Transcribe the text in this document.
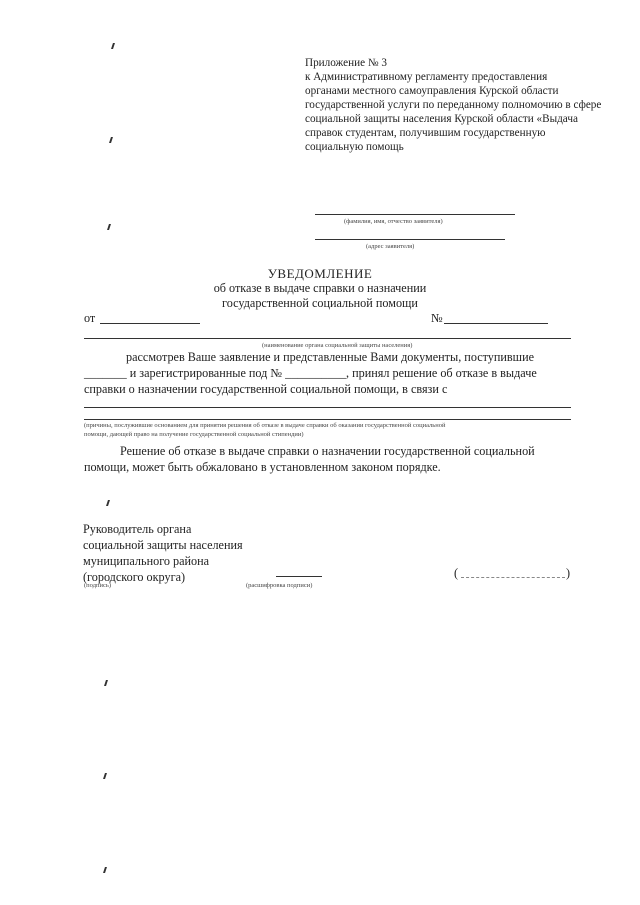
Приложение № 3
к Административному регламенту предоставления
органами местного самоуправления Курской области
государственной услуги по переданному полномочию в сфере
социальной защиты населения Курской области «Выдача
справок студентам, получившим государственную
социальную помощь
(фамилия, имя, отчество заявителя)
(адрес заявителя)
УВЕДОМЛЕНИЕ
об отказе в выдаче справки о назначении
государственной социальной помощи
от	№
(наименование органа социальной защиты населения)
рассмотрев Ваше заявление и представленные Вами документы, поступившие
_______ и зарегистрированные под № __________, принял решение об отказе в выдаче
справки о назначении государственной социальной помощи, в связи с
(причины, послужившие основанием для принятия решения об отказе в выдаче справки об оказании государственной социальной
помощи, дающей право на получение государственной социальной стипендии)
Решение об отказе в выдаче справки о назначении государственной социальной
помощи, может быть обжаловано в установленном законом порядке.
Руководитель органа
социальной защиты населения
муниципального района
(городского округа)
(подпись)	(расшифровка подписи)
(	)
